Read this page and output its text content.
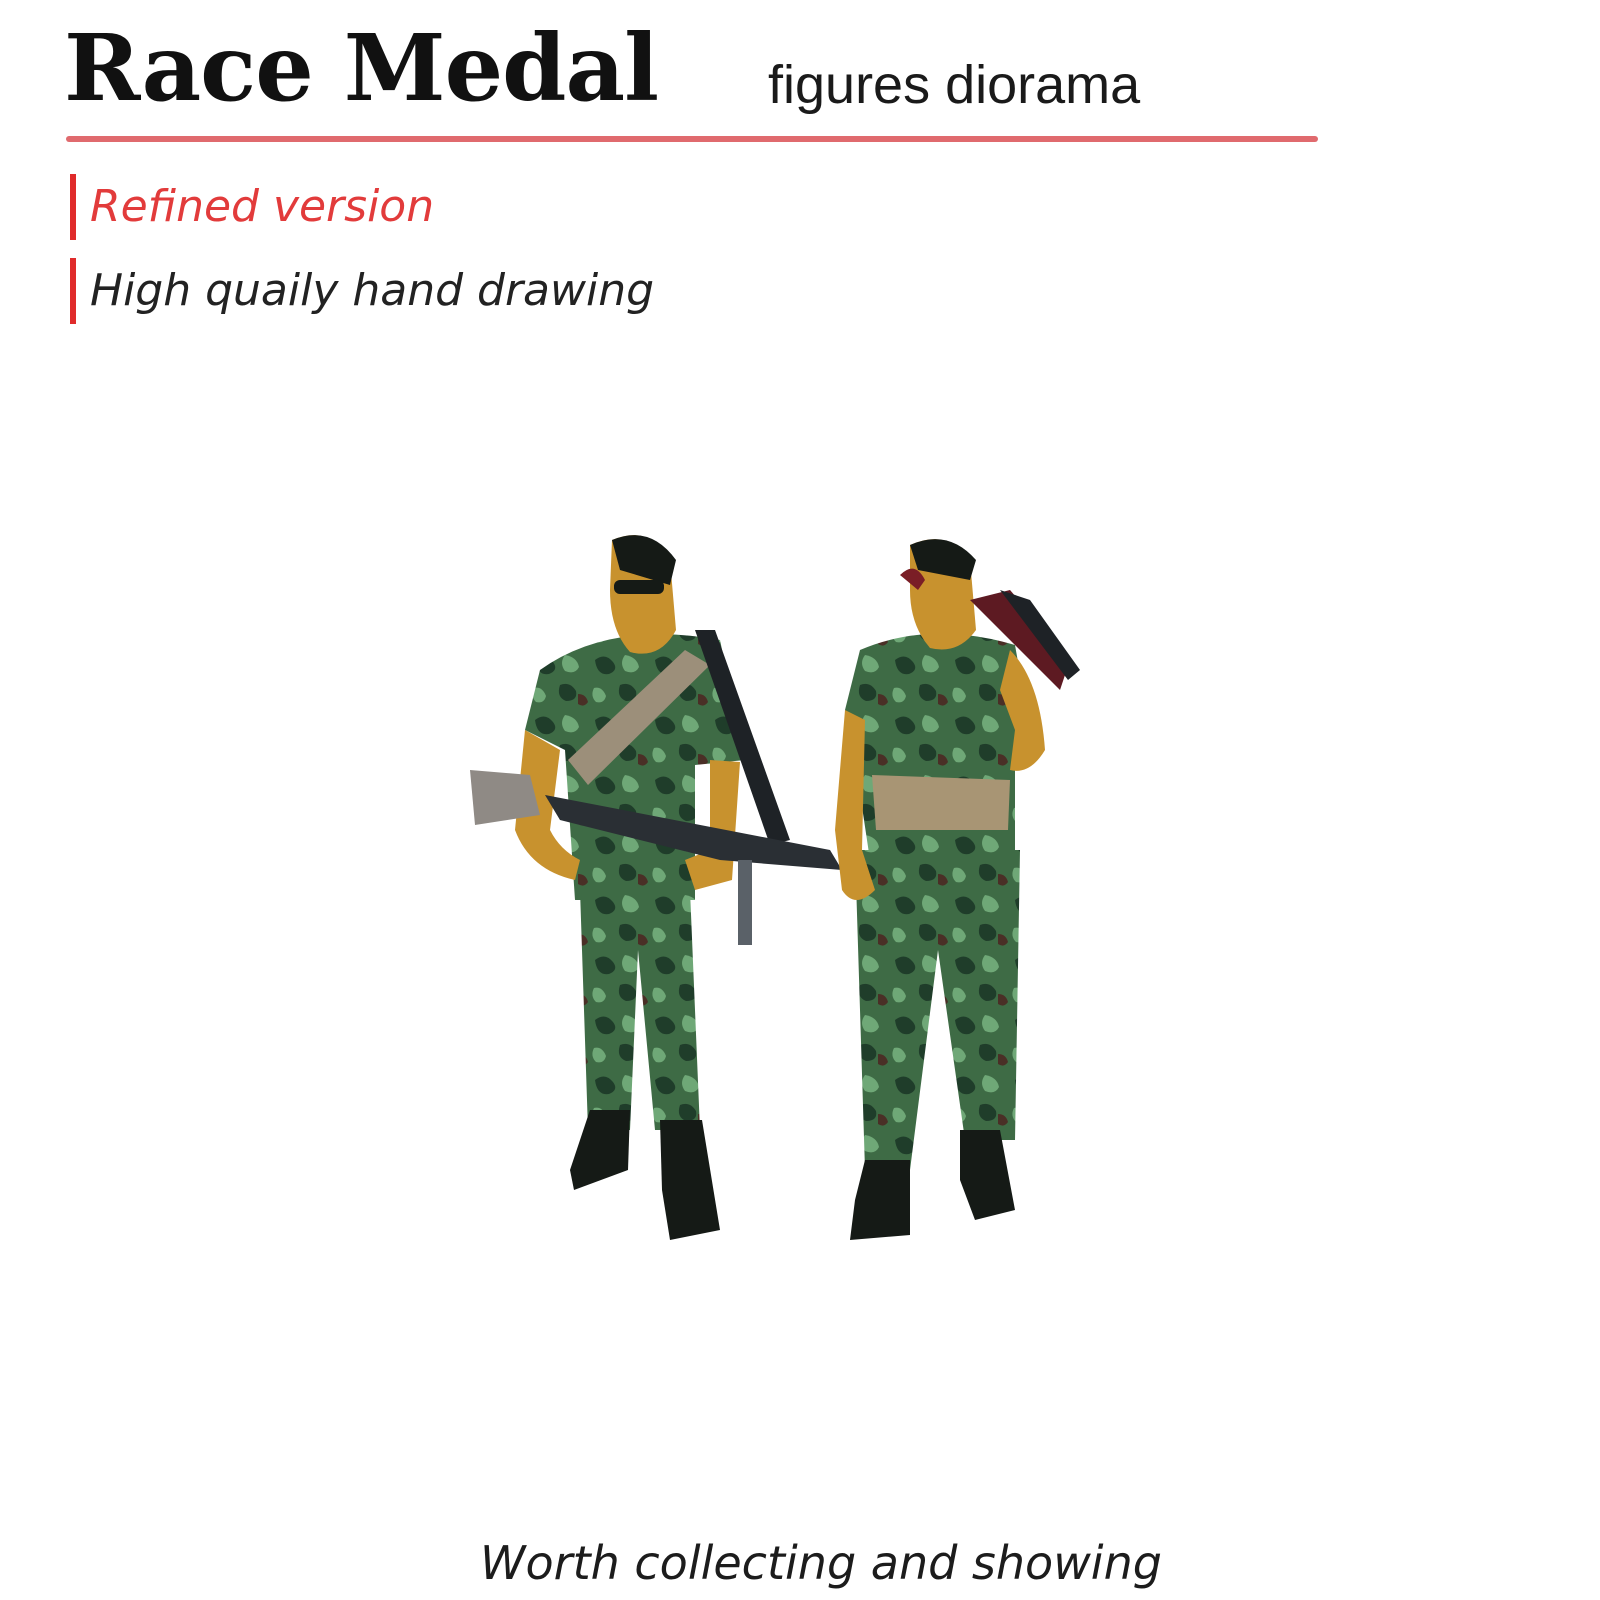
Race Medal figures diorama
Refined version
High quaily hand drawing
Worth collecting and showing
